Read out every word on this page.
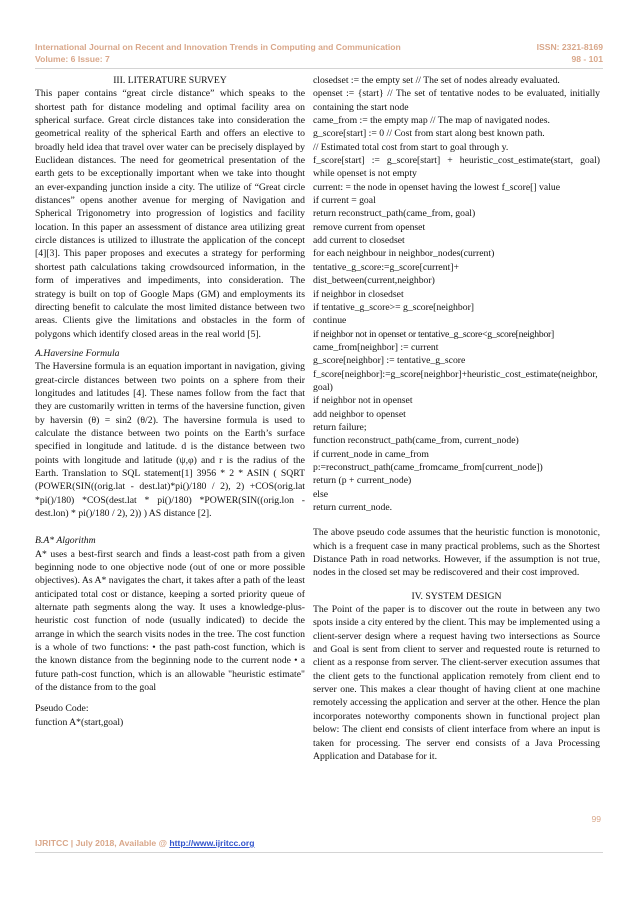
International Journal on Recent and Innovation Trends in Computing and Communication	ISSN: 2321-8169
Volume: 6 Issue: 7	98 - 101

III. LITERATURE SURVEY

This paper contains “great circle distance” which speaks to the shortest path for distance modeling and optimal facility area on spherical surface. Great circle distances take into consideration the geometrical reality of the spherical Earth and offers an elective to broadly held idea that travel over water can be precisely displayed by Euclidean distances. The need for geometrical presentation of the earth gets to be exceptionally important when we take into thought an ever-expanding junction inside a city. The utilize of “Great circle distances” opens another avenue for merging of Navigation and Spherical Trigonometry into progression of logistics and facility location. In this paper an assessment of distance area utilizing great circle distances is utilized to illustrate the application of the concept [4][3]. This paper proposes and executes a strategy for performing shortest path calculations taking crowdsourced information, in the form of imperatives and impediments, into consideration. The strategy is built on top of Google Maps (GM) and employments its directing benefit to calculate the most limited distance between two areas. Clients give the limitations and obstacles in the form of polygons which identify closed areas in the real world [5].

A.Haversine Formula

The Haversine formula is an equation important in navigation, giving great-circle distances between two points on a sphere from their longitudes and latitudes [4]. These names follow from the fact that they are customarily written in terms of the haversine function, given by haversin (θ) = sin2 (θ/2). The haversine formula is used to calculate the distance between two points on the Earth’s surface specified in longitude and latitude. d is the distance between two points with longitude and latitude (ψ,φ) and r is the radius of the Earth. Translation to SQL statement[1] 3956 * 2 * ASIN ( SQRT (POWER(SIN((orig.lat - dest.lat)*pi()/180 / 2), 2) +COS(orig.lat *pi()/180) *COS(dest.lat * pi()/180) *POWER(SIN((orig.lon - dest.lon) * pi()/180 / 2), 2)) ) AS distance [2].

B.A* Algorithm

A* uses a best-first search and finds a least-cost path from a given beginning node to one objective node (out of one or more possible objectives). As A* navigates the chart, it takes after a path of the least anticipated total cost or distance, keeping a sorted priority queue of alternate path segments along the way. It uses a knowledge-plus-heuristic cost function of node (usually indicated) to decide the arrange in which the search visits nodes in the tree. The cost function is a whole of two functions: • the past path-cost function, which is the known distance from the beginning node to the current node • a future path-cost function, which is an allowable "heuristic estimate" of the distance from to the goal

Pseudo Code:

function A*(start,goal)

closedset := the empty set // The set of nodes already evaluated.

openset := {start} // The set of tentative nodes to be evaluated, initially containing the start node

came_from := the empty map // The map of navigated nodes.

g_score[start] := 0 // Cost from start along best known path.

// Estimated total cost from start to goal through y.

f_score[start] := g_score[start] + heuristic_cost_estimate(start, goal) while openset is not empty

current: = the node in openset having the lowest f_score[] value

if current = goal

return reconstruct_path(came_from, goal)

remove current from openset

add current to closedset

for each neighbour in neighbor_nodes(current)

tentative_g_score:=g_score[current]+

dist_between(current,neighbor)

if neighbor in closedset

if tentative_g_score>= g_score[neighbor]

continue

if neighbor not in openset or tentative_g_score<g_score[neighbor]

came_from[neighbor] := current

g_score[neighbor] := tentative_g_score

f_score[neighbor]:=g_score[neighbor]+heuristic_cost_estimate(neighbor, goal)

if neighbor not in openset

add neighbor to openset

return failure;

function reconstruct_path(came_from, current_node)

if current_node in came_from

p:=reconstruct_path(came_fromcame_from[current_node])

return (p + current_node)

else

return current_node.

The above pseudo code assumes that the heuristic function is monotonic, which is a frequent case in many practical problems, such as the Shortest Distance Path in road networks. However, if the assumption is not true, nodes in the closed set may be rediscovered and their cost improved.

IV. SYSTEM DESIGN

The Point of the paper is to discover out the route in between any two spots inside a city entered by the client. This may be implemented using a client-server design where a request having two intersections as Source and Goal is sent from client to server and requested route is returned to client as a response from server. The client-server execution assumes that the client gets to the functional application remotely from client end to server one. This makes a clear thought of having client at one machine remotely accessing the application and server at the other. Hence the plan incorporates noteworthy components shown in functional project plan below: The client end consists of client interface from where an input is taken for processing. The server end consists of a Java Processing Application and Database for it.

99
IJRITCC | July 2018, Available @ http://www.ijritcc.org
